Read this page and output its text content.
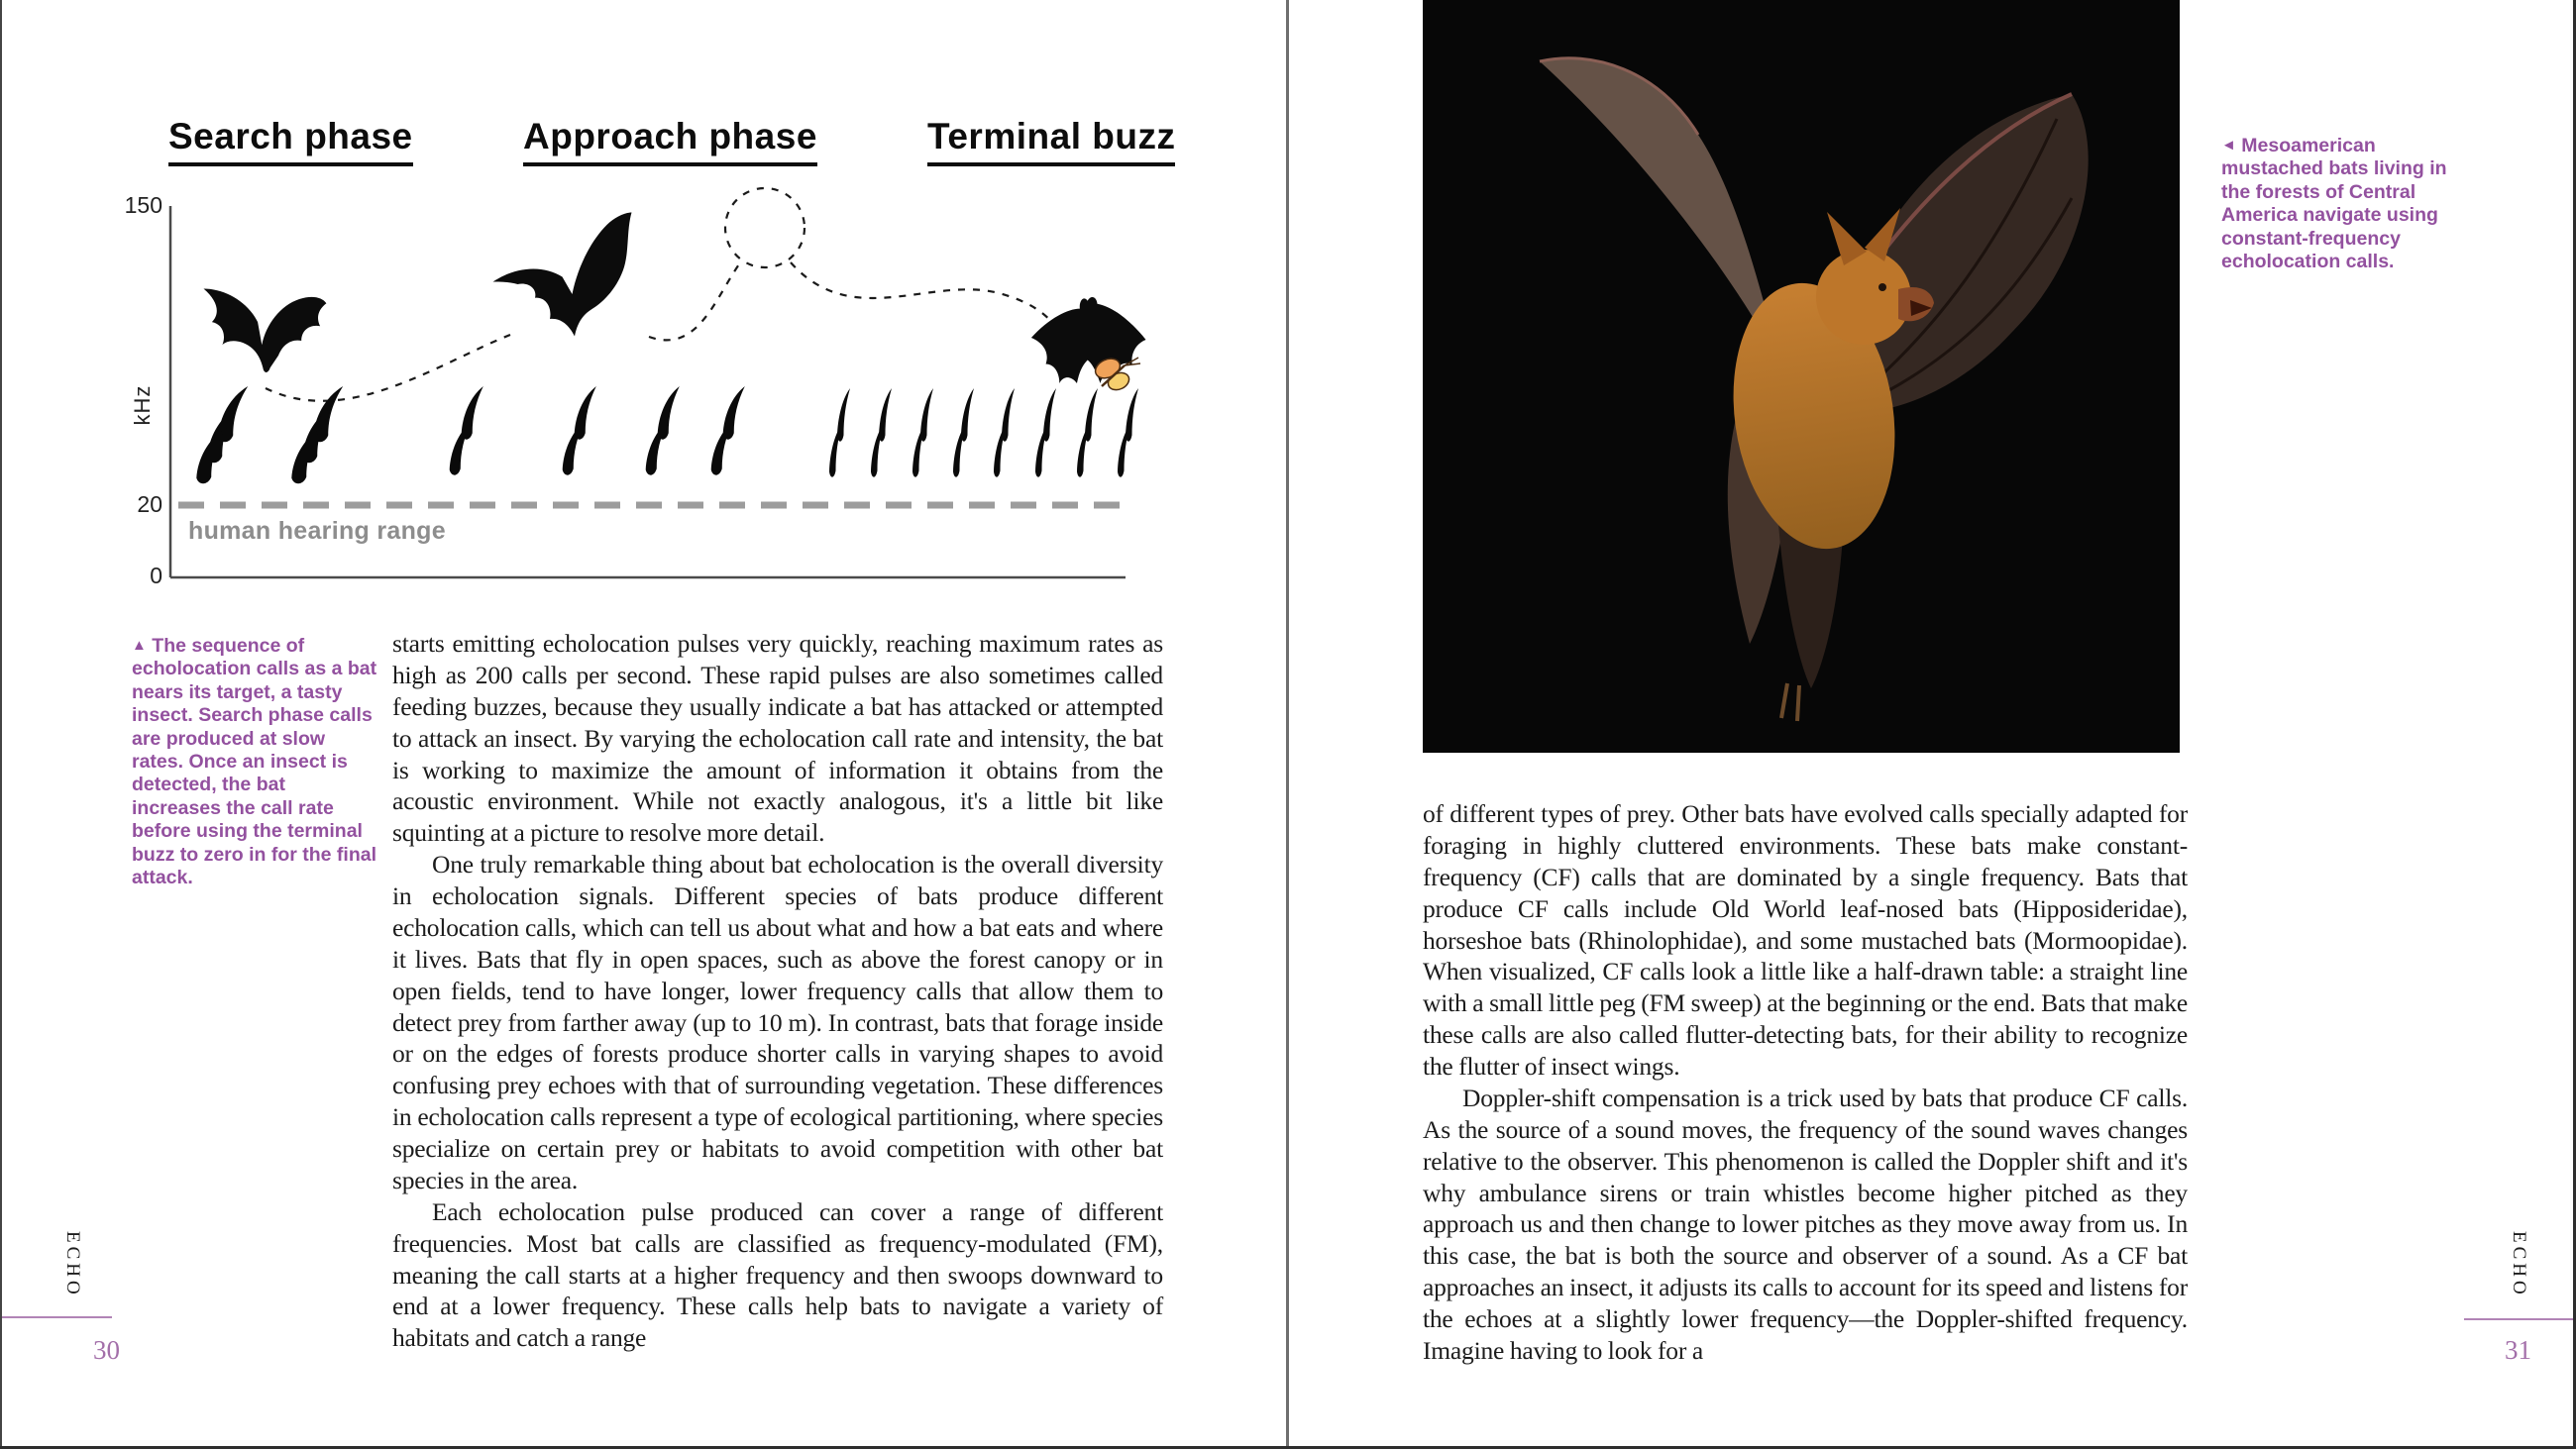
Search phase	Approach phase	Terminal buzz
150
20
0
kHz
human hearing range
▲ The sequence of echolocation calls as a bat nears its target, a tasty insect. Search phase calls are produced at slow rates. Once an insect is detected, the bat increases the call rate before using the terminal buzz to zero in for the final attack.

starts emitting echolocation pulses very quickly, reaching maximum rates as high as 200 calls per second. These rapid pulses are also sometimes called feeding buzzes, because they usually indicate a bat has attacked or attempted to attack an insect. By varying the echolocation call rate and intensity, the bat is working to maximize the amount of information it obtains from the acoustic environment. While not exactly analogous, it's a little bit like squinting at a picture to resolve more detail.

One truly remarkable thing about bat echolocation is the overall diversity in echolocation signals. Different species of bats produce different echolocation calls, which can tell us about what and how a bat eats and where it lives. Bats that fly in open spaces, such as above the forest canopy or in open fields, tend to have longer, lower frequency calls that allow them to detect prey from farther away (up to 10 m). In contrast, bats that forage inside or on the edges of forests produce shorter calls in varying shapes to avoid confusing prey echoes with that of surrounding vegetation. These differences in echolocation calls represent a type of ecological partitioning, where species specialize on certain prey or habitats to avoid competition with other bat species in the area.

Each echolocation pulse produced can cover a range of different frequencies. Most bat calls are classified as frequency-modulated (FM), meaning the call starts at a higher frequency and then swoops downward to end at a lower frequency. These calls help bats to navigate a variety of habitats and catch a range

ECHO
30
◄ Mesoamerican mustached bats living in the forests of Central America navigate using constant-frequency echolocation calls.

of different types of prey. Other bats have evolved calls specially adapted for foraging in highly cluttered environments. These bats make constant-frequency (CF) calls that are dominated by a single frequency. Bats that produce CF calls include Old World leaf-nosed bats (Hipposideridae), horseshoe bats (Rhinolophidae), and some mustached bats (Mormoopidae). When visualized, CF calls look a little like a half-drawn table: a straight line with a small little peg (FM sweep) at the beginning or the end. Bats that make these calls are also called flutter-detecting bats, for their ability to recognize the flutter of insect wings.

Doppler-shift compensation is a trick used by bats that produce CF calls. As the source of a sound moves, the frequency of the sound waves changes relative to the observer. This phenomenon is called the Doppler shift and it's why ambulance sirens or train whistles become higher pitched as they approach us and then change to lower pitches as they move away from us. In this case, the bat is both the source and observer of a sound. As a CF bat approaches an insect, it adjusts its calls to account for its speed and listens for the echoes at a slightly lower frequency—the Doppler-shifted frequency. Imagine having to look for a

ECHO
31
